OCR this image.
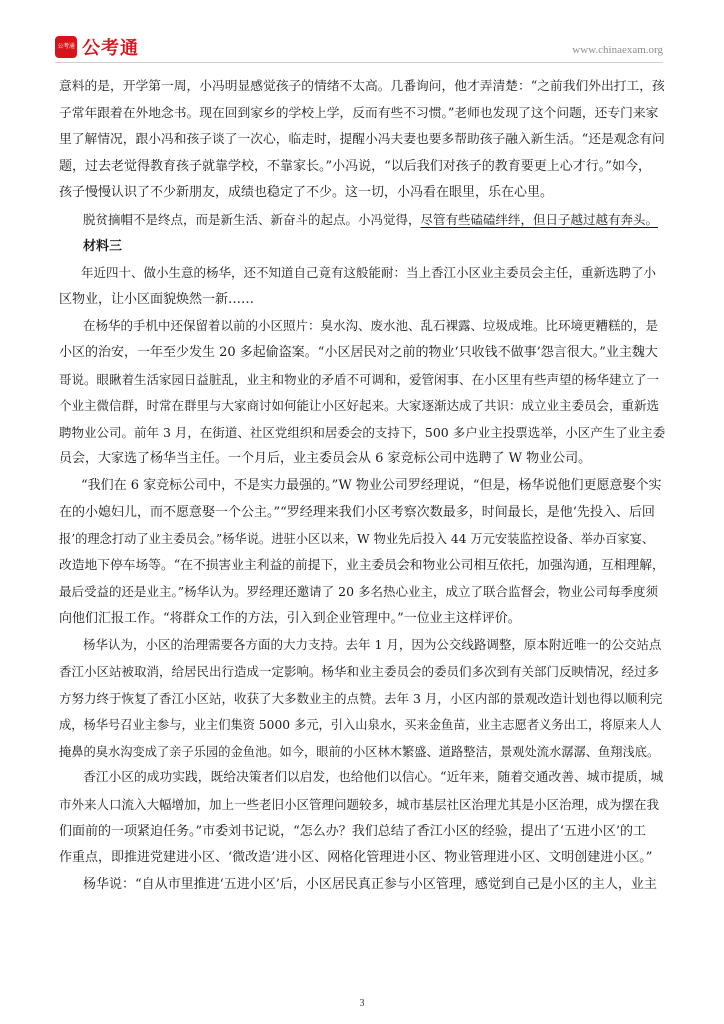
公考通 公考通	www.chinaexam.org
意料的是，开学第一周，小冯明显感觉孩子的情绪不太高。几番询问，他才弄清楚：“之前我们外出打工，孩
子常年跟着在外地念书。现在回到家乡的学校上学，反而有些不习惯。”老师也发现了这个问题，还专门来家
里了解情况，跟小冯和孩子谈了一次心，临走时，提醒小冯夫妻也要多帮助孩子融入新生活。“还是观念有问
题，过去老觉得教育孩子就靠学校，不靠家长。”小冯说，“以后我们对孩子的教育要更上心才行。”如今，
孩子慢慢认识了不少新朋友，成绩也稳定了不少。这一切，小冯看在眼里，乐在心里。
脱贫摘帽不是终点，而是新生活、新奋斗的起点。小冯觉得，尽管有些磕磕绊绊，但日子越过越有奔头。
材料三
年近四十、做小生意的杨华，还不知道自己竟有这般能耐：当上香江小区业主委员会主任，重新选聘了小
区物业，让小区面貌焕然一新……
在杨华的手机中还保留着以前的小区照片：臭水沟、废水池、乱石裸露、垃圾成堆。比环境更糟糕的，是
小区的治安，一年至少发生 20 多起偷盗案。“小区居民对之前的物业‘只收钱不做事’怨言很大。”业主魏大
哥说。眼瞅着生活家园日益脏乱，业主和物业的矛盾不可调和，爱管闲事、在小区里有些声望的杨华建立了一
个业主微信群，时常在群里与大家商讨如何能让小区好起来。大家逐渐达成了共识：成立业主委员会，重新选
聘物业公司。前年 3 月，在街道、社区党组织和居委会的支持下，500 多户业主投票选举，小区产生了业主委
员会，大家选了杨华当主任。一个月后，业主委员会从 6 家竞标公司中选聘了 W 物业公司。
“我们在 6 家竞标公司中，不是实力最强的。”W 物业公司罗经理说，“但是，杨华说他们更愿意娶个实
在的小媳妇儿，而不愿意娶一个公主。”“罗经理来我们小区考察次数最多，时间最长，是他‘先投入、后回
报’的理念打动了业主委员会。”杨华说。进驻小区以来，W 物业先后投入 44 万元安装监控设备、举办百家宴、
改造地下停车场等。“在不损害业主利益的前提下，业主委员会和物业公司相互依托，加强沟通，互相理解，
最后受益的还是业主。”杨华认为。罗经理还邀请了 20 多名热心业主，成立了联合监督会，物业公司每季度须
向他们汇报工作。“将群众工作的方法，引入到企业管理中。”一位业主这样评价。
杨华认为，小区的治理需要各方面的大力支持。去年 1 月，因为公交线路调整，原本附近唯一的公交站点
香江小区站被取消，给居民出行造成一定影响。杨华和业主委员会的委员们多次到有关部门反映情况，经过多
方努力终于恢复了香江小区站，收获了大多数业主的点赞。去年 3 月，小区内部的景观改造计划也得以顺利完
成，杨华号召业主参与，业主们集资 5000 多元，引入山泉水，买来金鱼苗，业主志愿者义务出工，将原来人人
掩鼻的臭水沟变成了亲子乐园的金鱼池。如今，眼前的小区林木繁盛、道路整洁，景观处流水潺潺、鱼翔浅底。
香江小区的成功实践，既给决策者们以启发，也给他们以信心。“近年来，随着交通改善、城市提质，城
市外来人口流入大幅增加，加上一些老旧小区管理问题较多，城市基层社区治理尤其是小区治理，成为摆在我
们面前的一项紧迫任务。”市委刘书记说，“怎么办？我们总结了香江小区的经验，提出了‘五进小区’的工
作重点，即推进党建进小区、‘微改造’进小区、网格化管理进小区、物业管理进小区、文明创建进小区。”
杨华说：“自从市里推进‘五进小区’后，小区居民真正参与小区管理，感觉到自己是小区的主人，业主
3
